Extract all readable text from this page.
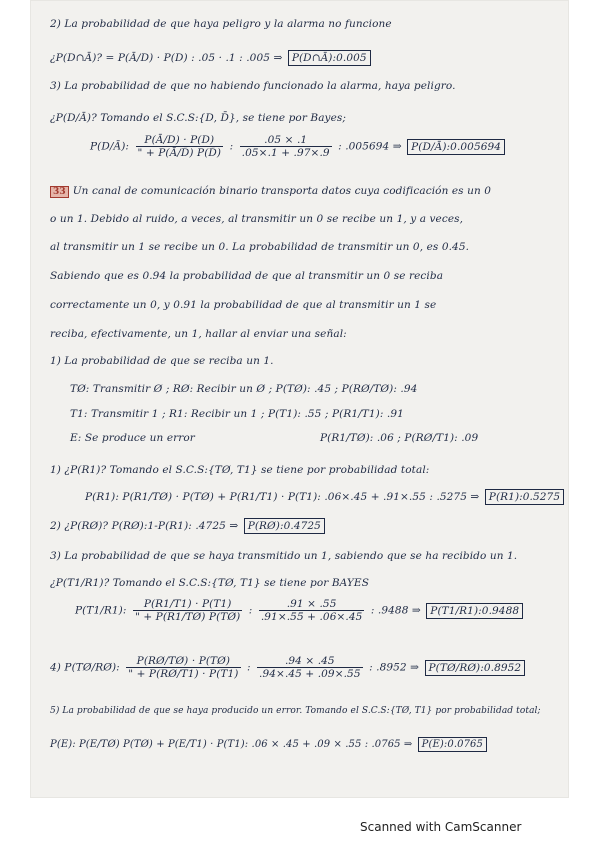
2) La probabilidad de que haya peligro y la alarma no funcione
¿P(D∩Ā)? = P(Ā/D) · P(D) : .05 · .1 : .005 ⇒ P(D∩Ā):0.005
3) La probabilidad de que no habiendo funcionado la alarma, haya peligro.
¿P(D/Ā)? Tomando el S.C.S:{D, D̄}, se tiene por Bayes;
P(D/Ā): $\frac{P(Ā/D) \cdot P(D)}{" + P(Ā/D̄) P(D̄)}$ : $\frac{.05 \times .1}{.05\times.1 + .97\times.9}$ : .005694 ⇒ P(D/Ā):0.005694
33 Un canal de comunicación binario transporta datos cuya codificación es un 0
o un 1. Debido al ruido, a veces, al transmitir un 0 se recibe un 1, y a veces,
al transmitir un 1 se recibe un 0. La probabilidad de transmitir un 0, es 0.45.
Sabiendo que es 0.94 la probabilidad de que al transmitir un 0 se reciba
correctamente un 0, y 0.91 la probabilidad de que al transmitir un 1 se
reciba, efectivamente, un 1, hallar al enviar una señal:
1) La probabilidad de que se reciba un 1.
TØ: Transmitir Ø ; RØ: Recibir un Ø ; P(TØ): .45 ; P(RØ/TØ): .94
T1: Transmitir 1 ; R1: Recibir un 1 ; P(T1): .55 ; P(R1/T1): .91
E: Se produce un error	P(R1/TØ): .06 ; P(RØ/T1): .09
1) ¿P(R1)? Tomando el S.C.S:{TØ, T1} se tiene por probabilidad total:
P(R1): P(R1/TØ) · P(TØ) + P(R1/T1) · P(T1): .06×.45 + .91×.55 : .5275 ⇒ P(R1):0.5275
2) ¿P(RØ)? P(RØ):1-P(R1): .4725 ⇒ P(RØ):0.4725
3) La probabilidad de que se haya transmitido un 1, sabiendo que se ha recibido un 1.
¿P(T1/R1)? Tomando el S.C.S:{TØ, T1} se tiene por BAYES
P(T1/R1): $\frac{P(R1/T1) \cdot P(T1)}{" + P(R1/TØ) P(TØ)}$ : $\frac{.91 \times .55}{.91\times.55 + .06\times.45}$ : .9488 ⇒ P(T1/R1):0.9488
4) P(TØ/RØ): $\frac{P(RØ/TØ) \cdot P(TØ)}{" + P(RØ/T1) \cdot P(T1)}$ : $\frac{.94 \times .45}{.94\times.45 + .09\times.55}$ : .8952 ⇒ P(TØ/RØ):0.8952
5) La probabilidad de que se haya producido un error. Tomando el S.C.S:{TØ, T1} por probabilidad total;
P(E): P(E/TØ) P(TØ) + P(E/T1) · P(T1): .06 × .45 + .09 × .55 : .0765 ⇒ P(E):0.0765
Scanned with CamScanner
